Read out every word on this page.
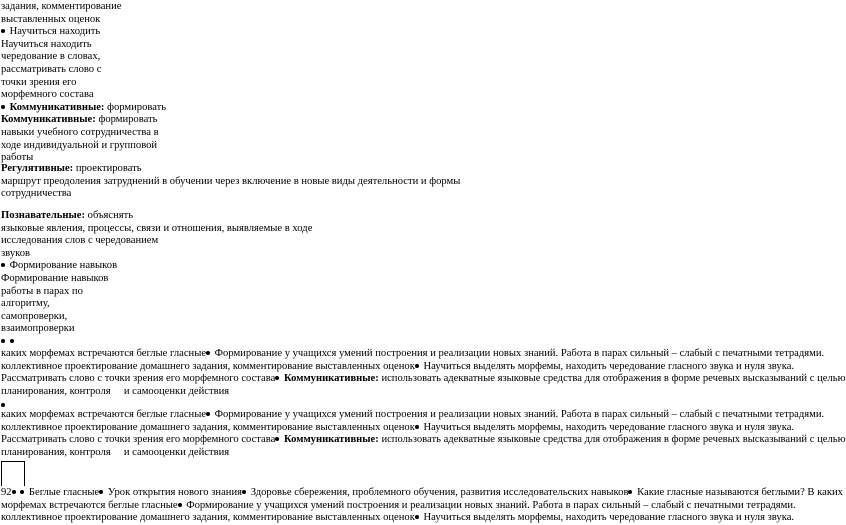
задания, комментирование
выставленных оценок
Научиться находить
Научиться находить
чередование в словах,
рассматривать слово с
точки зрения его
морфемного состава
Коммуникативные: формировать
Коммуникативные: формировать
навыки учебного сотрудничества в
ходе индивидуальной и групповой
работы
Регулятивные: проектировать
маршрут преодоления затруднений в обучении через включение в новые виды деятельности и формы
сотрудничества
Познавательные: объяснять
языковые явления, процессы, связи и отношения, выявляемые в ходе
исследования слов с чередованием
звуков
Формирование навыков
Формирование навыков
работы в парах по
алгоритму,
самопроверки,
взаимопроверки
каких морфемах встречаются беглые гласные Формирование у учащихся умений построения и реализации новых знаний. Работа в парах сильный – слабый с печатными тетрадями.
коллективное проектирование домашнего задания, комментирование выставленных оценок Научиться выделять морфемы, находить чередование гласного звука и нуля звука.
Рассматривать слово с точки зрения его морфемного состава Коммуникативные: использовать адекватные языковые средства для отображения в форме речевых высказываний с целью
планирования, контроля     и самооценки действия
каких морфемах встречаются беглые гласные Формирование у учащихся умений построения и реализации новых знаний. Работа в парах сильный – слабый с печатными тетрадями.
коллективное проектирование домашнего задания, комментирование выставленных оценок Научиться выделять морфемы, находить чередование гласного звука и нуля звука.
Рассматривать слово с точки зрения его морфемного состава Коммуникативные: использовать адекватные языковые средства для отображения в форме речевых высказываний с целью
планирования, контроля     и самооценки действия
92 Беглые гласные Урок открытия нового знания Здоровье сбережения, проблемного обучения, развития исследовательских навыков Какие гласные называются беглыми? В каких
морфемах встречаются беглые гласные Формирование у учащихся умений построения и реализации новых знаний. Работа в парах сильный – слабый с печатными тетрадями.
коллективное проектирование домашнего задания, комментирование выставленных оценок Научиться выделять морфемы, находить чередование гласного звука и нуля звука.
